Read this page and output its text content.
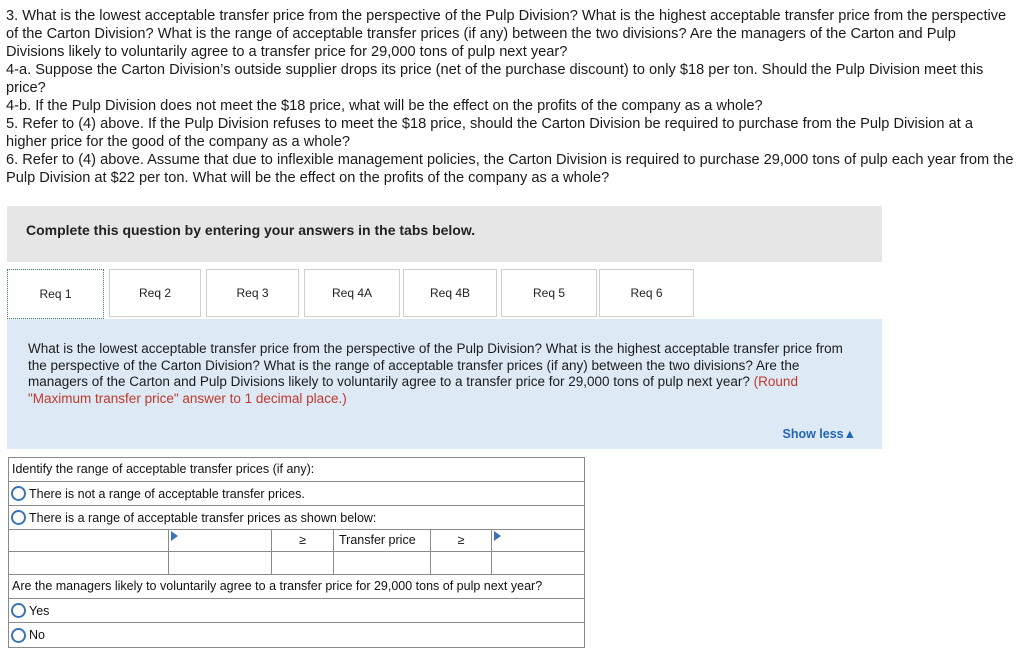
3. What is the lowest acceptable transfer price from the perspective of the Pulp Division? What is the highest acceptable transfer price from the perspective of the Carton Division? What is the range of acceptable transfer prices (if any) between the two divisions? Are the managers of the Carton and Pulp Divisions likely to voluntarily agree to a transfer price for 29,000 tons of pulp next year?

4-a. Suppose the Carton Division’s outside supplier drops its price (net of the purchase discount) to only $18 per ton. Should the Pulp Division meet this price?

4-b. If the Pulp Division does not meet the $18 price, what will be the effect on the profits of the company as a whole?

5. Refer to (4) above. If the Pulp Division refuses to meet the $18 price, should the Carton Division be required to purchase from the Pulp Division at a higher price for the good of the company as a whole?

6. Refer to (4) above. Assume that due to inflexible management policies, the Carton Division is required to purchase 29,000 tons of pulp each year from the Pulp Division at $22 per ton. What will be the effect on the profits of the company as a whole?

Complete this question by entering your answers in the tabs below.
Req 1	Req 2	Req 3	Req 4A	Req 4B	Req 5	Req 6
What is the lowest acceptable transfer price from the perspective of the Pulp Division? What is the highest acceptable transfer price from the perspective of the Carton Division? What is the range of acceptable transfer prices (if any) between the two divisions? Are the managers of the Carton and Pulp Divisions likely to voluntarily agree to a transfer price for 29,000 tons of pulp next year? (Round "Maximum transfer price" answer to 1 decimal place.)
Show less▲
Identify the range of acceptable transfer prices (if any):
There is not a range of acceptable transfer prices.
There is a range of acceptable transfer prices as shown below:
≥	Transfer price	≥
Are the managers likely to voluntarily agree to a transfer price for 29,000 tons of pulp next year?
Yes
No
